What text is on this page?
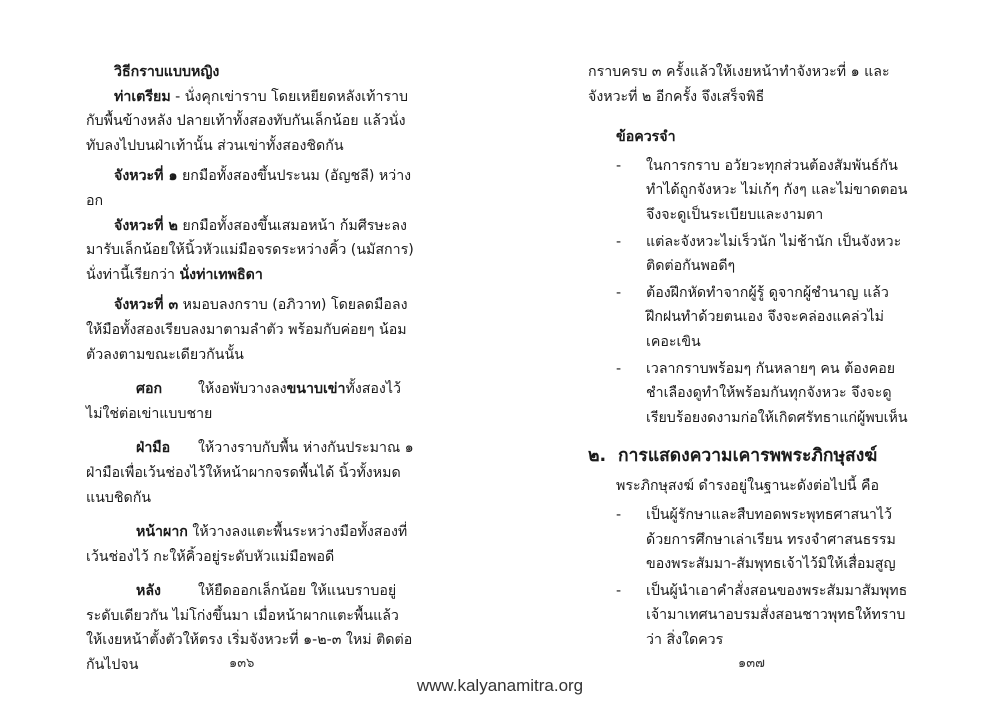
วิธีกราบแบบหญิง

ท่าเตรียม - นั่งคุกเข่าราบ โดยเหยียดหลังเท้าราบกับพื้นข้างหลัง ปลายเท้าทั้งสองทับกันเล็กน้อย แล้วนั่งทับลงไปบนฝ่าเท้านั้น ส่วนเข่าทั้งสองชิดกัน

จังหวะที่ ๑ ยกมือทั้งสองขึ้นประนม (อัญชลี) หว่างอก

จังหวะที่ ๒ ยกมือทั้งสองขึ้นเสมอหน้า ก้มศีรษะลงมารับเล็กน้อยให้นิ้วหัวแม่มือจรดระหว่างคิ้ว (นมัสการ) นั่งท่านี้เรียกว่า นั่งท่าเทพธิดา

จังหวะที่ ๓ หมอบลงกราบ (อภิวาท) โดยลดมือลง ให้มือทั้งสองเรียบลงมาตามลำตัว พร้อมกับค่อยๆ น้อมตัวลงตามขณะเดียวกันนั้น

ศอก	ให้งอพับวางลงขนาบเข่าทั้งสองไว้ ไม่ใช่ต่อเข่าแบบชาย

ฝ่ามือ ให้วางราบกับพื้น ห่างกันประมาณ ๑ ฝ่ามือเพื่อเว้นช่องไว้ให้หน้าผากจรดพื้นได้ นิ้วทั้งหมดแนบชิดกัน

หน้าผาก ให้วางลงแตะพื้นระหว่างมือทั้งสองที่เว้นช่องไว้ กะให้คิ้วอยู่ระดับหัวแม่มือพอดี

หลัง	ให้ยืดออกเล็กน้อย ให้แนบราบอยู่ระดับเดียวกัน ไม่โก่งขึ้นมา เมื่อหน้าผากแตะพื้นแล้ว ให้เงยหน้าตั้งตัวให้ตรง เริ่มจังหวะที่ ๑-๒-๓ ใหม่ ติดต่อกันไปจน

กราบครบ ๓ ครั้งแล้วให้เงยหน้าทำจังหวะที่ ๑ และจังหวะที่ ๒ อีกครั้ง จึงเสร็จพิธี

ข้อควรจำ

-	ในการกราบ อวัยวะทุกส่วนต้องสัมพันธ์กัน ทำได้ถูกจังหวะ ไม่เก้ๆ กังๆ และไม่ขาดตอน จึงจะดูเป็นระเบียบและงามตา
-	แต่ละจังหวะไม่เร็วนัก ไม่ช้านัก เป็นจังหวะติดต่อกันพอดีๆ
-	ต้องฝึกหัดทำจากผู้รู้ ดูจากผู้ชำนาญ แล้วฝึกฝนทำด้วยตนเอง จึงจะคล่องแคล่วไม่เคอะเขิน
-	เวลากราบพร้อมๆ กันหลายๆ คน ต้องคอยชำเลืองดูทำให้พร้อมกันทุกจังหวะ จึงจะดูเรียบร้อยงดงามก่อให้เกิดศรัทธาแก่ผู้พบเห็น
๒. การแสดงความเคารพพระภิกษุสงฆ์

พระภิกษุสงฆ์ ดำรงอยู่ในฐานะดังต่อไปนี้ คือ

-	เป็นผู้รักษาและสืบทอดพระพุทธศาสนาไว้ ด้วยการศึกษาเล่าเรียน ทรงจำศาสนธรรมของพระสัมมา-สัมพุทธเจ้าไว้มิให้เสื่อมสูญ
-	เป็นผู้นำเอาคำสั่งสอนของพระสัมมาสัมพุทธเจ้ามาเทศนาอบรมสั่งสอนชาวพุทธให้ทราบว่า สิ่งใดควร
๑๓๖	๑๓๗
www.kalyanamitra.org
